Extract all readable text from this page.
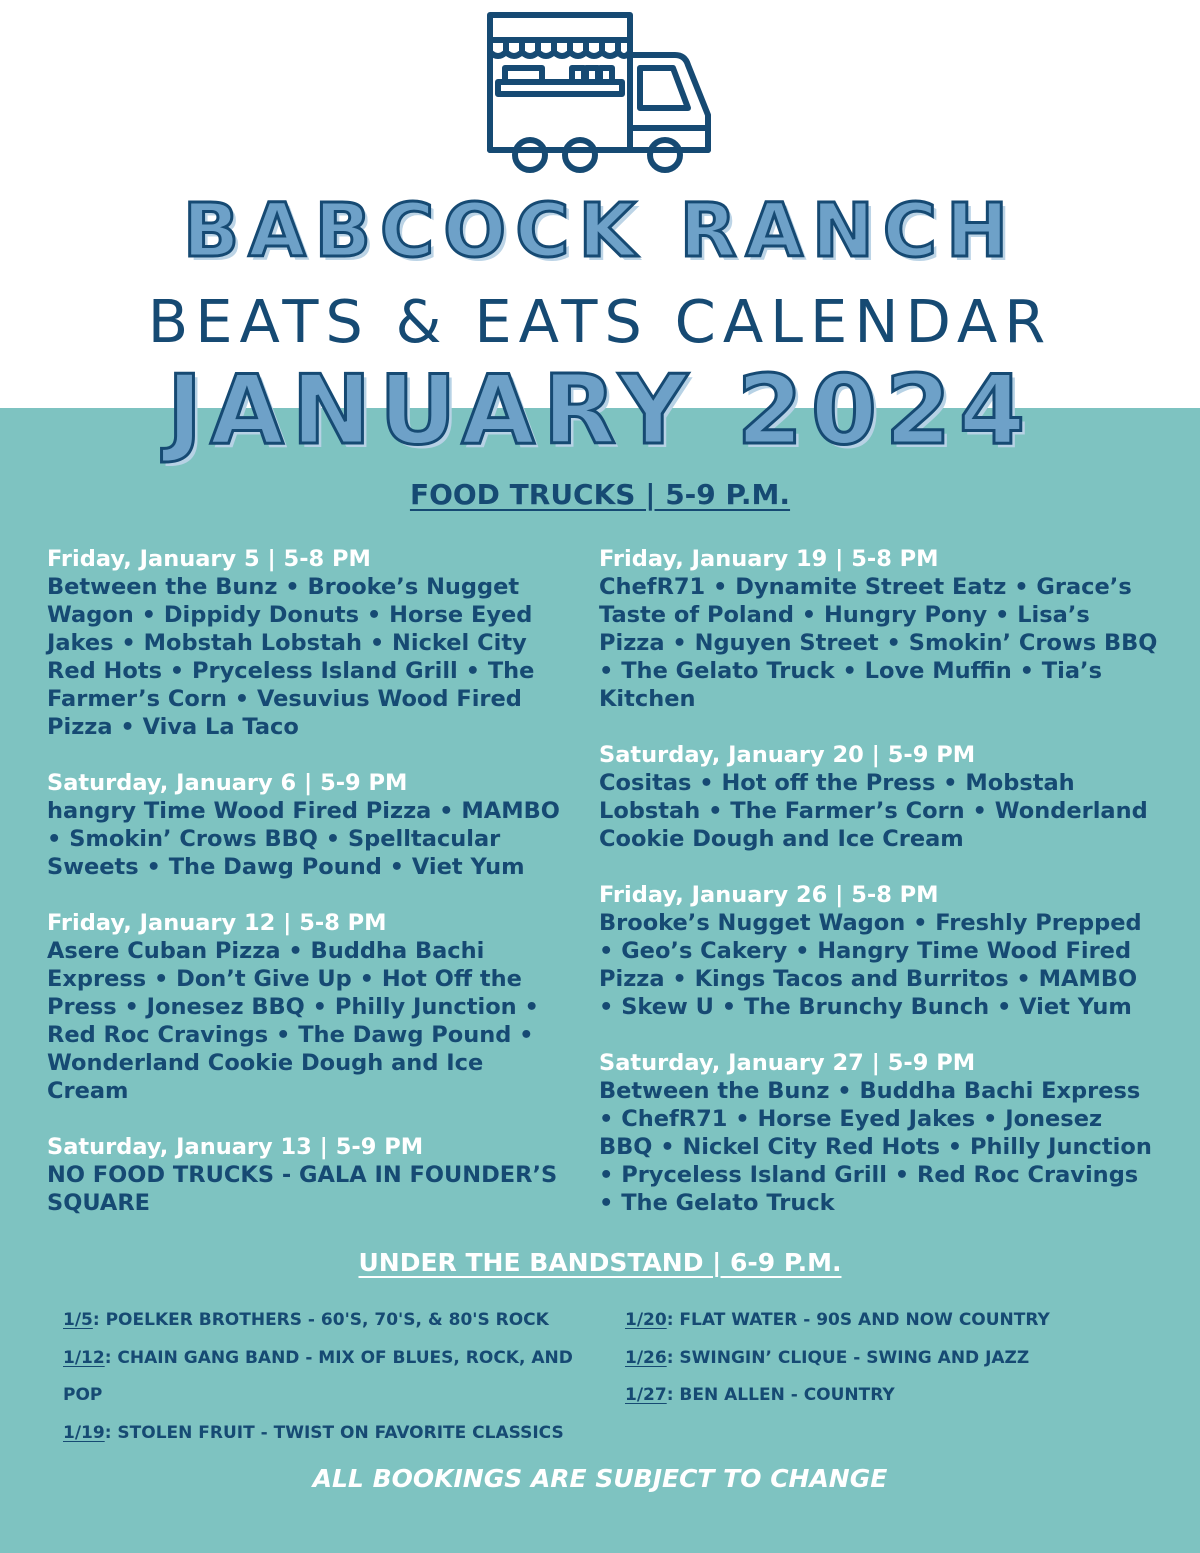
BABCOCK RANCH
BEATS & EATS CALENDAR
JANUARY 2024
FOOD TRUCKS | 5-9 P.M.
Friday, January 5 | 5-8 PM
Between the Bunz • Brooke’s Nugget Wagon • Dippidy Donuts • Horse Eyed Jakes • Mobstah Lobstah • Nickel City Red Hots • Pryceless Island Grill • The Farmer’s Corn • Vesuvius Wood Fired Pizza • Viva La Taco
Saturday, January 6 | 5-9 PM
hangry Time Wood Fired Pizza • MAMBO • Smokin’ Crows BBQ • Spelltacular Sweets • The Dawg Pound • Viet Yum
Friday, January 12 | 5-8 PM
Asere Cuban Pizza • Buddha Bachi Express • Don’t Give Up • Hot Off the Press • Jonesez BBQ • Philly Junction • Red Roc Cravings • The Dawg Pound • Wonderland Cookie Dough and Ice Cream
Saturday, January 13 | 5-9 PM
NO FOOD TRUCKS - GALA IN FOUNDER’S SQUARE
Friday, January 19 | 5-8 PM
ChefR71 • Dynamite Street Eatz • Grace’s Taste of Poland • Hungry Pony • Lisa’s Pizza • Nguyen Street • Smokin’ Crows BBQ • The Gelato Truck • Love Muffin • Tia’s Kitchen
Saturday, January 20 | 5-9 PM
Cositas • Hot off the Press • Mobstah Lobstah • The Farmer’s Corn • Wonderland Cookie Dough and Ice Cream
Friday, January 26 | 5-8 PM
Brooke’s Nugget Wagon • Freshly Prepped • Geo’s Cakery • Hangry Time Wood Fired Pizza • Kings Tacos and Burritos • MAMBO • Skew U • The Brunchy Bunch • Viet Yum
Saturday, January 27 | 5-9 PM
Between the Bunz • Buddha Bachi Express • ChefR71 • Horse Eyed Jakes • Jonesez BBQ • Nickel City Red Hots • Philly Junction • Pryceless Island Grill • Red Roc Cravings • The Gelato Truck
UNDER THE BANDSTAND | 6-9 P.M.
1/5: POELKER BROTHERS - 60'S, 70'S, & 80'S ROCK
1/12: CHAIN GANG BAND - MIX OF BLUES, ROCK, AND POP
1/19: STOLEN FRUIT - TWIST ON FAVORITE CLASSICS
1/20: FLAT WATER - 90S AND NOW COUNTRY
1/26: SWINGIN’ CLIQUE - SWING AND JAZZ
1/27: BEN ALLEN - COUNTRY
ALL BOOKINGS ARE SUBJECT TO CHANGE
